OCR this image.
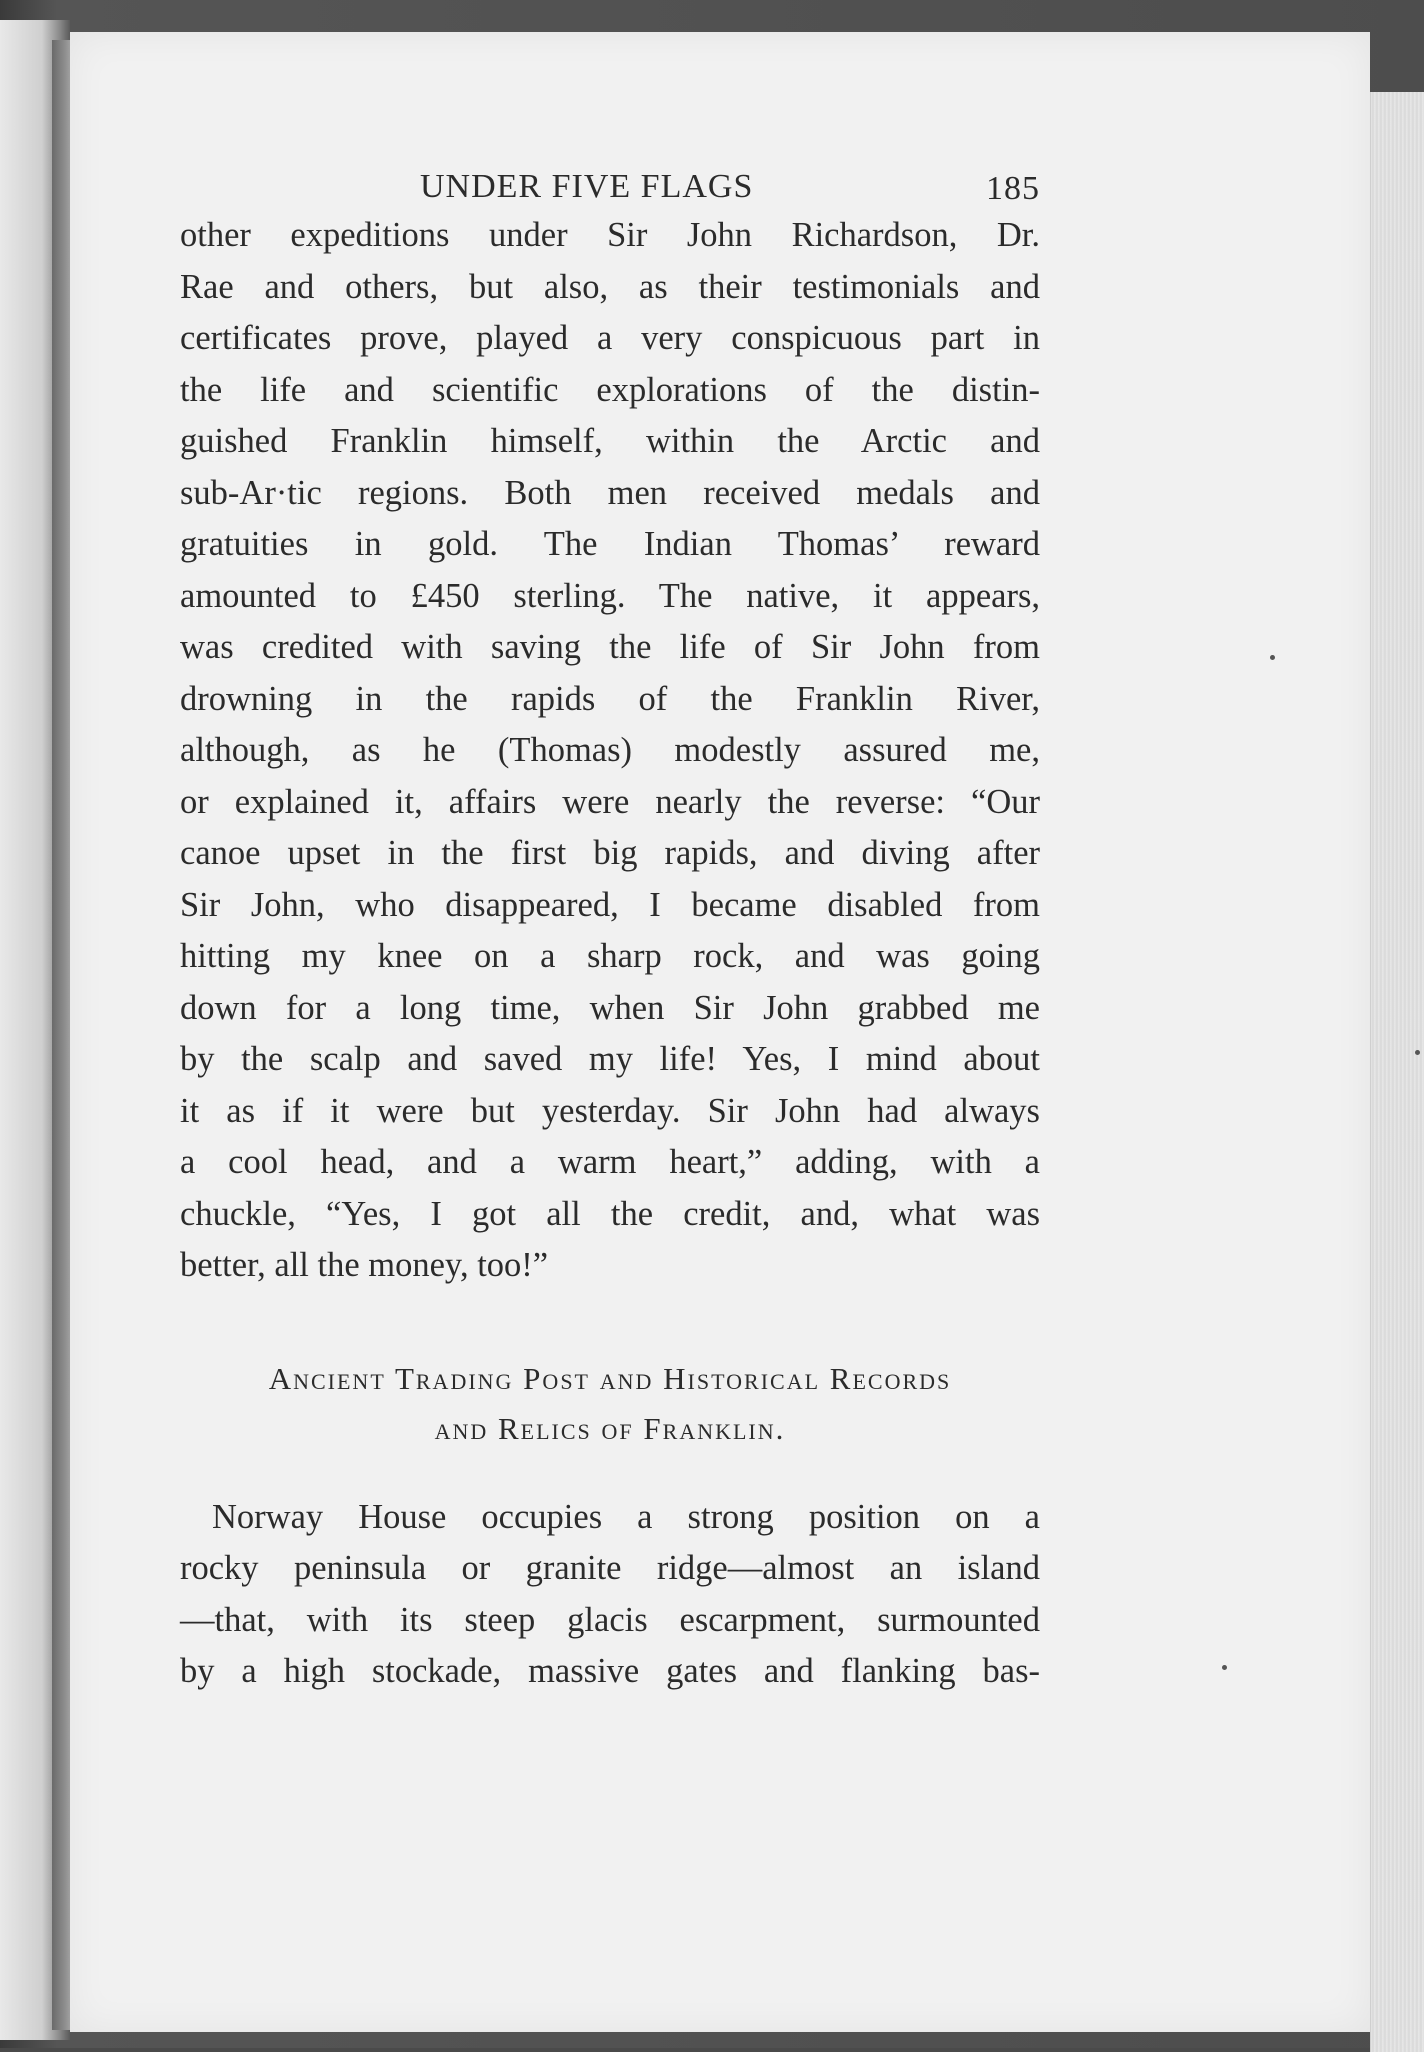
UNDER FIVE FLAGS	185

other expeditions under Sir John Richardson, Dr.
Rae and others, but also, as their testimonials and
certificates prove, played a very conspicuous part in
the life and scientific explorations of the distin-
guished Franklin himself, within the Arctic and
sub-Ar·tic regions. Both men received medals and
gratuities in gold. The Indian Thomas’ reward
amounted to £450 sterling. The native, it appears,
was credited with saving the life of Sir John from
drowning in the rapids of the Franklin River,
although, as he (Thomas) modestly assured me,
or explained it, affairs were nearly the reverse: “Our
canoe upset in the first big rapids, and diving after
Sir John, who disappeared, I became disabled from
hitting my knee on a sharp rock, and was going
down for a long time, when Sir John grabbed me
by the scalp and saved my life! Yes, I mind about
it as if it were but yesterday. Sir John had always
a cool head, and a warm heart,” adding, with a
chuckle, “Yes, I got all the credit, and, what was
better, all the money, too!”

Ancient Trading Post and Historical Records
and Relics of Franklin.

Norway House occupies a strong position on a
rocky peninsula or granite ridge—almost an island
—that, with its steep glacis escarpment, surmounted
by a high stockade, massive gates and flanking bas-
